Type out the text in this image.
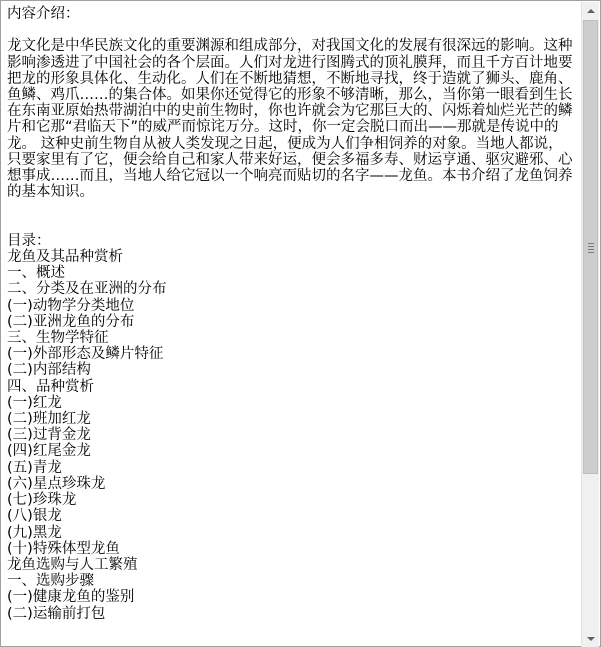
内容介绍：

龙文化是中华民族文化的重要渊源和组成部分，对我国文化的发展有很深远的影响。这种影响渗透进了中国社会的各个层面。人们对龙进行图腾式的顶礼膜拜，而且千方百计地要把龙的形象具体化、生动化。人们在不断地猜想，不断地寻找，终于造就了狮头、鹿角、鱼鳞、鸡爪……的集合体。如果你还觉得它的形象不够清晰，那么，当你第一眼看到生长在东南亚原始热带湖泊中的史前生物时，你也许就会为它那巨大的、闪烁着灿烂光芒的鳞片和它那“君临天下”的威严而惊诧万分。这时，你一定会脱口而出——那就是传说中的龙。 这种史前生物自从被人类发现之日起，便成为人们争相饲养的对象。当地人都说，只要家里有了它，便会给自己和家人带来好运，便会多福多寿、财运亨通、驱灾避邪、心想事成……而且，当地人给它冠以一个响亮而贴切的名字——龙鱼。本书介绍了龙鱼饲养的基本知识。

目录：
龙鱼及其品种赏析
一、概述
二、分类及在亚洲的分布
(一)动物学分类地位
(二)亚洲龙鱼的分布
三、生物学特征
(一)外部形态及鳞片特征
(二)内部结构
四、品种赏析
(一)红龙
(二)班加红龙
(三)过背金龙
(四)红尾金龙
(五)青龙
(六)星点珍珠龙
(七)珍珠龙
(八)银龙
(九)黑龙
(十)特殊体型龙鱼
龙鱼选购与人工繁殖
一、选购步骤
(一)健康龙鱼的鉴别
(二)运输前打包
